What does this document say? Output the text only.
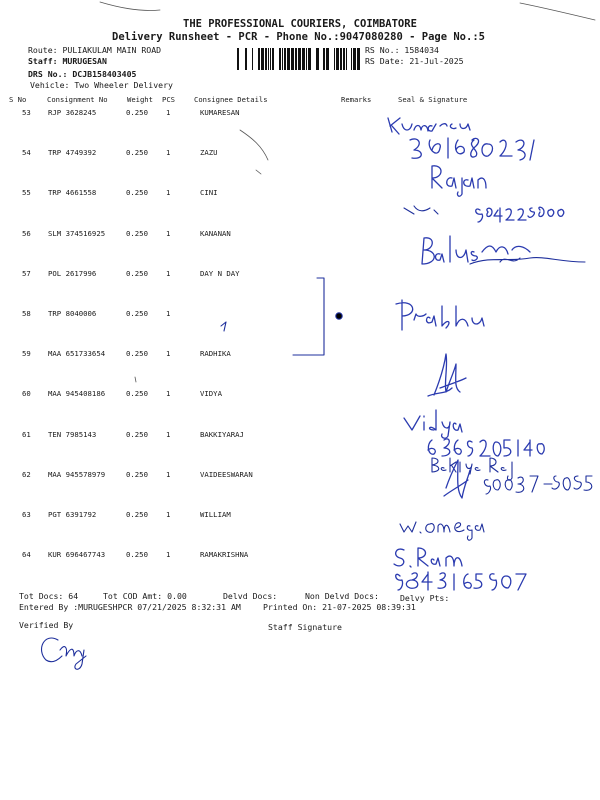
THE PROFESSIONAL COURIERS, COIMBATORE
Delivery Runsheet - PCR - Phone No.:9047080280 - Page No.:5
Route: PULIAKULAM MAIN ROAD
Staff: MURUGESAN
DRS No.: DCJB158403405
Vehicle: Two Wheeler Delivery
RS No.: 1584034
RS Date: 21-Jul-2025
S No	Consignment No	Weight PCS	Consignee Details	Remarks	Seal & Signature
53 RJP 3628245	0.250 1	KUMARESAN
54 TRP 4749392	0.250 1	ZAZU
55 TRP 4661558	0.250 1	CINI
56 SLM 374516925	0.250 1	KANANAN
57 POL 2617996	0.250 1	DAY N DAY
58 TRP 8040006	0.250 1
59 MAA 651733654	0.250 1	RADHIKA
60 MAA 945408186	0.250 1	VIDYA
61 TEN 7985143	0.250 1	BAKKIYARAJ
62 MAA 945578979	0.250 1	VAIDEESWARAN
63 PGT 6391792	0.250 1	WILLIAM
64 KUR 696467743	0.250 1	RAMAKRISHNA
Tot Docs: 64	Tot COD Amt: 0.00	Delvd Docs:	Non Delvd Docs:	Delvy Pts:
Entered By :MURUGESHPCR 07/21/2025 8:32:31 AM	Printed On: 21-07-2025 08:39:31
Verified By	Staff Signature
